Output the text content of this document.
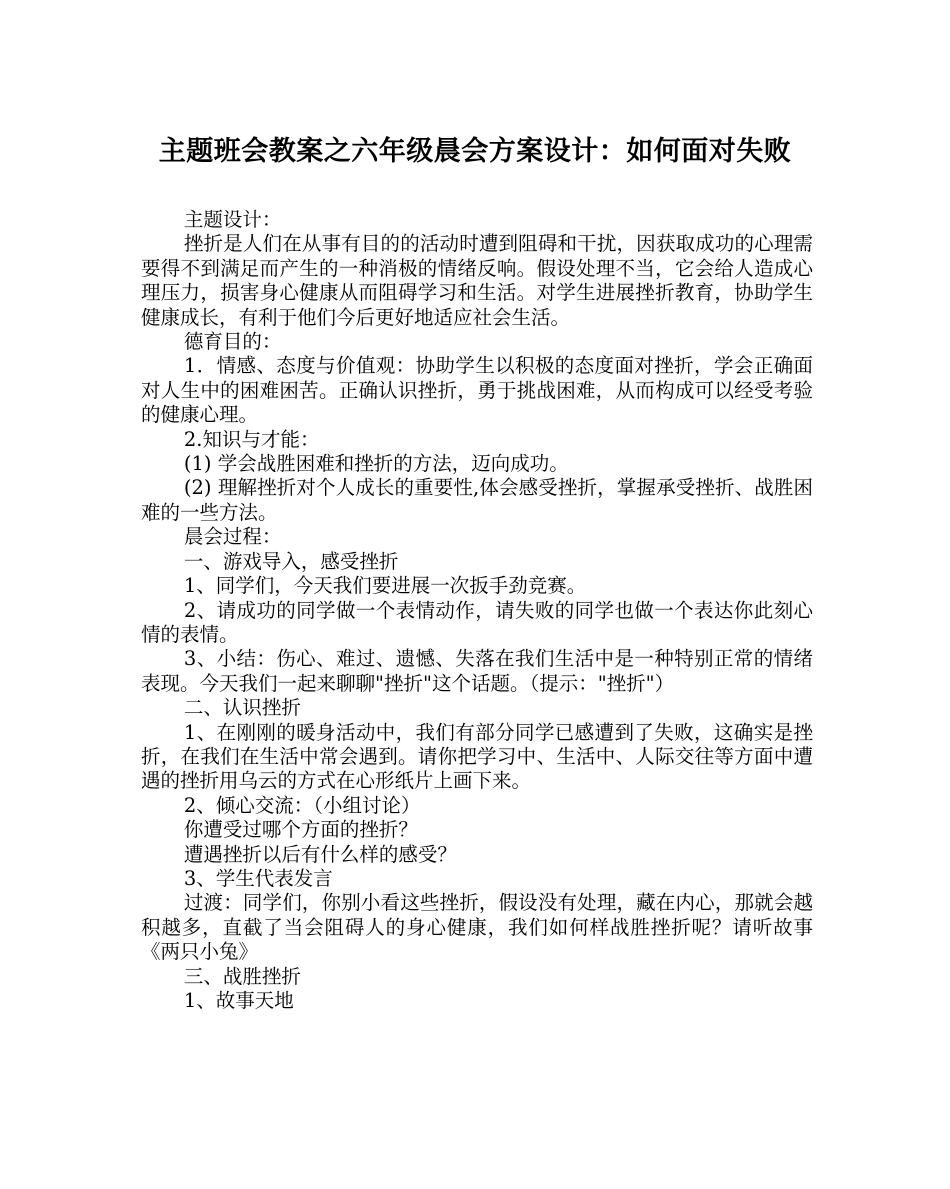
主题班会教案之六年级晨会方案设计：如何面对失败

主题设计：

挫折是人们在从事有目的的活动时遭到阻碍和干扰，因获取成功的心理需要得不到满足而产生的一种消极的情绪反响。假设处理不当，它会给人造成心理压力，损害身心健康从而阻碍学习和生活。对学生进展挫折教育，协助学生健康成长，有利于他们今后更好地适应社会生活。

德育目的：

1．情感、态度与价值观：协助学生以积极的态度面对挫折，学会正确面对人生中的困难困苦。正确认识挫折，勇于挑战困难，从而构成可以经受考验的健康心理。

2.知识与才能：

(1) 学会战胜困难和挫折的方法，迈向成功。

(2) 理解挫折对个人成长的重要性,体会感受挫折，掌握承受挫折、战胜困难的一些方法。

晨会过程：

一、游戏导入，感受挫折

1、同学们，今天我们要进展一次扳手劲竞赛。

2、请成功的同学做一个表情动作，请失败的同学也做一个表达你此刻心情的表情。

3、小结：伤心、难过、遗憾、失落在我们生活中是一种特别正常的情绪表现。今天我们一起来聊聊"挫折"这个话题。（提示："挫折"）

二、认识挫折

1、在刚刚的暖身活动中，我们有部分同学已感遭到了失败，这确实是挫折，在我们在生活中常会遇到。请你把学习中、生活中、人际交往等方面中遭遇的挫折用乌云的方式在心形纸片上画下来。

2、倾心交流：（小组讨论）

你遭受过哪个方面的挫折？

遭遇挫折以后有什么样的感受？

3、学生代表发言

过渡：同学们，你别小看这些挫折，假设没有处理，藏在内心，那就会越积越多，直截了当会阻碍人的身心健康，我们如何样战胜挫折呢？请听故事《两只小兔》

三、战胜挫折

1、故事天地
